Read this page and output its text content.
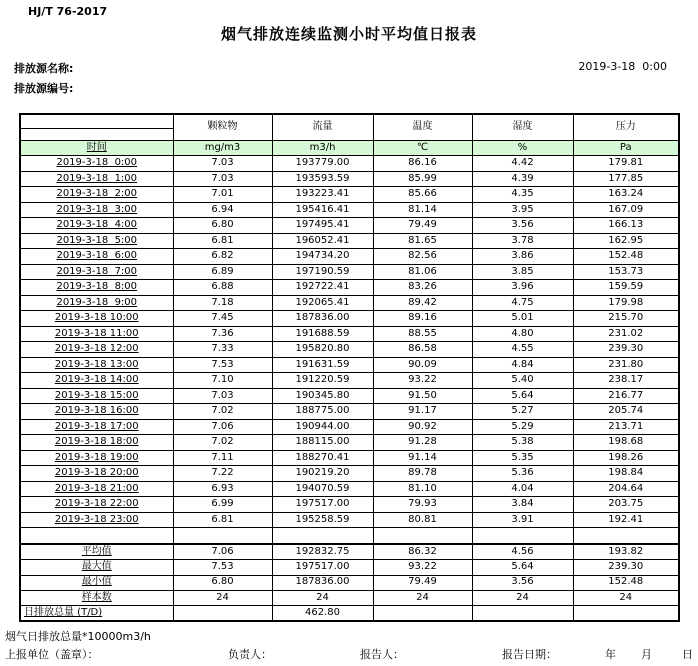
HJ/T 76-2017
烟气排放连续监测小时平均值日报表
排放源名称:
排放源编号:
2019-3-18  0:00
	颗粒物	流量	温度	湿度	压力
时间	mg/m3	m3/h	℃	%	Pa
2019-3-18  0:00	7.03	193779.00	86.16	4.42	179.81
2019-3-18  1:00	7.03	193593.59	85.99	4.39	177.85
2019-3-18  2:00	7.01	193223.41	85.66	4.35	163.24
2019-3-18  3:00	6.94	195416.41	81.14	3.95	167.09
2019-3-18  4:00	6.80	197495.41	79.49	3.56	166.13
2019-3-18  5:00	6.81	196052.41	81.65	3.78	162.95
2019-3-18  6:00	6.82	194734.20	82.56	3.86	152.48
2019-3-18  7:00	6.89	197190.59	81.06	3.85	153.73
2019-3-18  8:00	6.88	192722.41	83.26	3.96	159.59
2019-3-18  9:00	7.18	192065.41	89.42	4.75	179.98
2019-3-18 10:00	7.45	187836.00	89.16	5.01	215.70
2019-3-18 11:00	7.36	191688.59	88.55	4.80	231.02
2019-3-18 12:00	7.33	195820.80	86.58	4.55	239.30
2019-3-18 13:00	7.53	191631.59	90.09	4.84	231.80
2019-3-18 14:00	7.10	191220.59	93.22	5.40	238.17
2019-3-18 15:00	7.03	190345.80	91.50	5.64	216.77
2019-3-18 16:00	7.02	188775.00	91.17	5.27	205.74
2019-3-18 17:00	7.06	190944.00	90.92	5.29	213.71
2019-3-18 18:00	7.02	188115.00	91.28	5.38	198.68
2019-3-18 19:00	7.11	188270.41	91.14	5.35	198.26
2019-3-18 20:00	7.22	190219.20	89.78	5.36	198.84
2019-3-18 21:00	6.93	194070.59	81.10	4.04	204.64
2019-3-18 22:00	6.99	197517.00	79.93	3.84	203.75
2019-3-18 23:00	6.81	195258.59	80.81	3.91	192.41

平均值	7.06	192832.75	86.32	4.56	193.82
最大值	7.53	197517.00	93.22	5.64	239.30
最小值	6.80	187836.00	79.49	3.56	152.48
样本数	24	24	24	24	24
日排放总量 (T/D)		462.80			
烟气日排放总量*10000m3/h
上报单位（盖章）：	负责人：	报告人：	报告日期：	年 月	日
